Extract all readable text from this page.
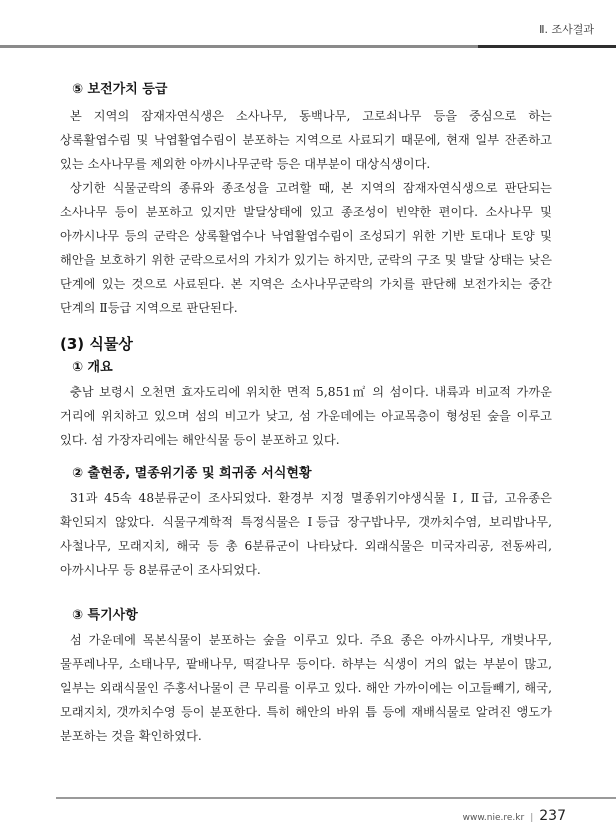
Ⅱ. 조사결과
⑤ 보전가치 등급

본 지역의 잠재자연식생은 소사나무, 동백나무, 고로쇠나무 등을 중심으로 하는 상록활엽수림 및 낙엽활엽수림이 분포하는 지역으로 사료되기 때문에, 현재 일부 잔존하고 있는 소사나무를 제외한 아까시나무군락 등은 대부분이 대상식생이다.

상기한 식물군락의 종류와 종조성을 고려할 때, 본 지역의 잠재자연식생으로 판단되는 소사나무 등이 분포하고 있지만 발달상태에 있고 종조성이 빈약한 편이다. 소사나무 및 아까시나무 등의 군락은 상록활엽수나 낙엽활엽수림이 조성되기 위한 기반 토대나 토양 및 해안을 보호하기 위한 군락으로서의 가치가 있기는 하지만, 군락의 구조 및 발달 상태는 낮은 단계에 있는 것으로 사료된다. 본 지역은 소사나무군락의 가치를 판단해 보전가치는 중간 단계의 Ⅱ등급 지역으로 판단된다.

(3) 식물상
① 개요

충남 보령시 오천면 효자도리에 위치한 면적 5,851㎡ 의 섬이다. 내륙과 비교적 가까운 거리에 위치하고 있으며 섬의 비고가 낮고, 섬 가운데에는 아교목층이 형성된 숲을 이루고 있다. 섬 가장자리에는 해안식물 등이 분포하고 있다.

② 출현종, 멸종위기종 및 희귀종 서식현황

31과 45속 48분류군이 조사되었다. 환경부 지정 멸종위기야생식물 Ⅰ, Ⅱ급, 고유종은 확인되지 않았다. 식물구계학적 특정식물은 Ⅰ등급 장구밥나무, 갯까치수염, 보리밥나무, 사철나무, 모래지치, 해국 등 총 6분류군이 나타났다. 외래식물은 미국자리공, 전동싸리, 아까시나무 등 8분류군이 조사되었다.

③ 특기사항

섬 가운데에 목본식물이 분포하는 숲을 이루고 있다. 주요 종은 아까시나무, 개벚나무, 물푸레나무, 소태나무, 팥배나무, 떡갈나무 등이다. 하부는 식생이 거의 없는 부분이 많고, 일부는 외래식물인 주홍서나물이 큰 무리를 이루고 있다. 해안 가까이에는 이고들빼기, 해국, 모래지치, 갯까치수영 등이 분포한다. 특히 해안의 바위 틈 등에 재배식물로 알려진 앵도가 분포하는 것을 확인하였다.

www.nie.re.kr | 237
